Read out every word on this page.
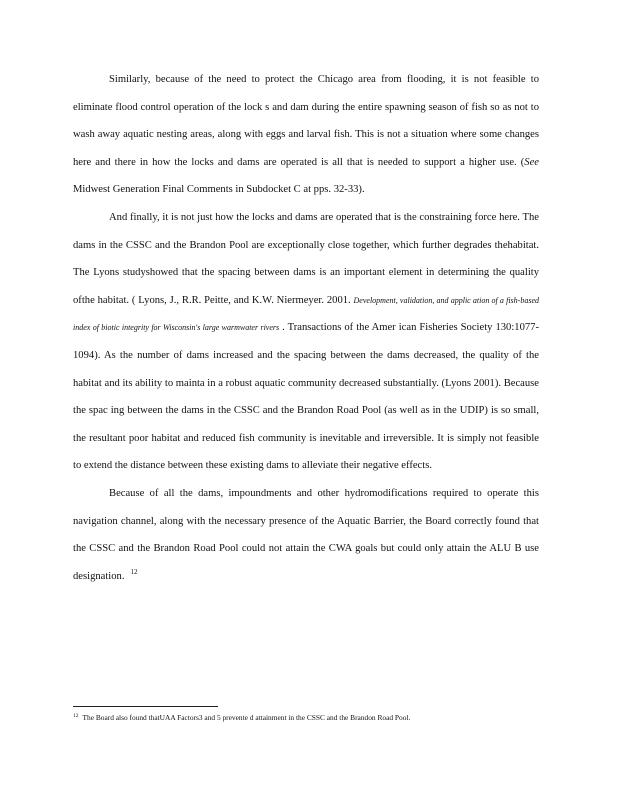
Similarly, because of the need to protect the Chicago area from flooding, it is not feasible to eliminate flood control operation of the lock s and dam during the entire spawning season of fish so as not to wash away aquatic nesting areas, along with eggs and larval fish. This is not a situation where some changes here and there in how the locks and dams are operated is all that is needed to support a higher use. (See Midwest Generation Final Comments in Subdocket C at pps. 32-33).

And finally, it is not just how the locks and dams are operated that is the constraining force here. The dams in the CSSC and the Brandon Pool are exceptionally close together, which further degrades thehabitat. The Lyons studyshowed that the spacing between dams is an important element in determining the quality ofthe habitat. ( Lyons, J., R.R. Peitte, and K.W. Niermeyer. 2001. Development, validation, and applic ation of a fish-based index of biotic integrity for Wisconsin's large warmwater rivers . Transactions of the Amer ican Fisheries Society 130:1077-1094). As the number of dams increased and the spacing between the dams decreased, the quality of the habitat and its ability to mainta in a robust aquatic community decreased substantially. (Lyons 2001). Because the spac ing between the dams in the CSSC and the Brandon Road Pool (as well as in the UDIP) is so small, the resultant poor habitat and reduced fish community is inevitable and irreversible. It is simply not feasible to extend the distance between these existing dams to alleviate their negative effects.

Because of all the dams, impoundments and other hydromodifications required to operate this navigation channel, along with the necessary presence of the Aquatic Barrier, the Board correctly found that the CSSC and the Brandon Road Pool could not attain the CWA goals but could only attain the ALU B use designation. $^{12}$

$^{12}$ The Board also found thatUAA Factors3 and 5 prevente d attainment in the CSSC and the Brandon Road Pool.
